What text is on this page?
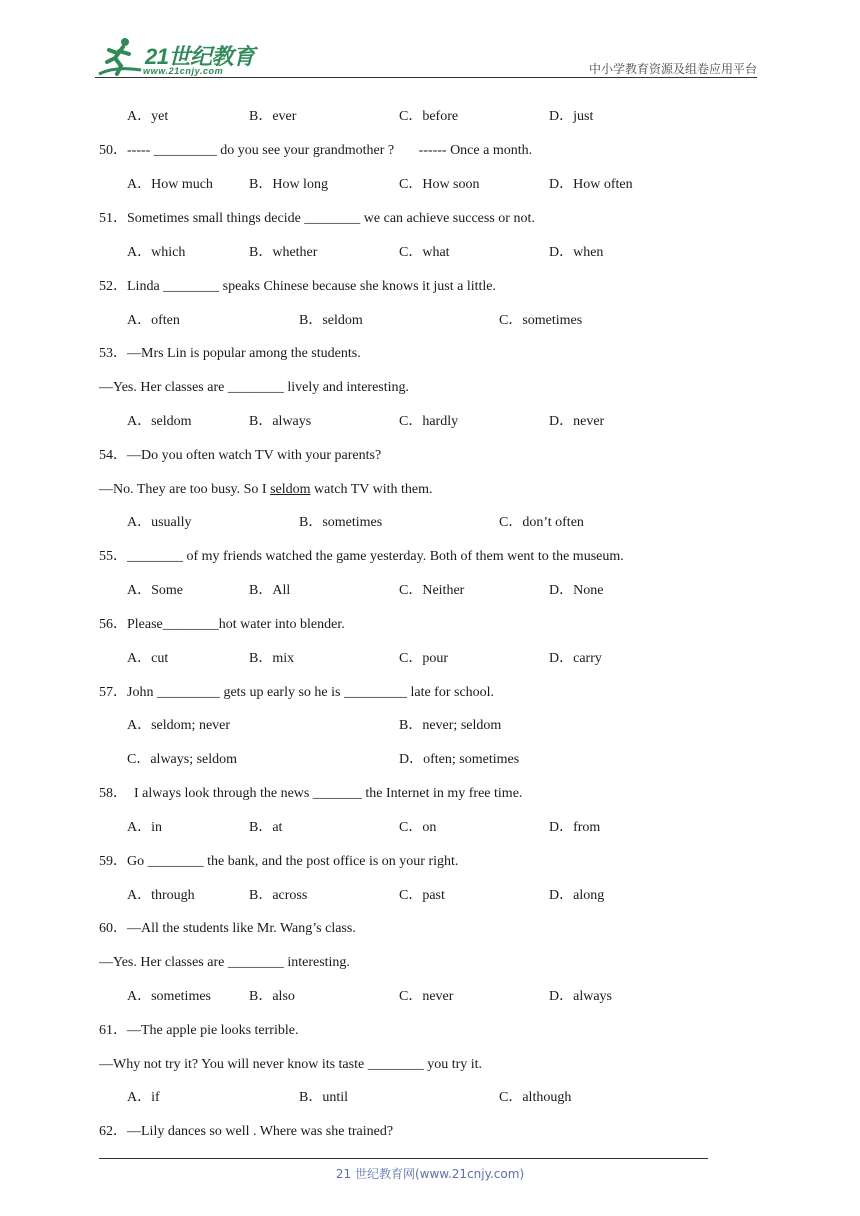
21世纪教育
www.21cnjy.com	中小学教育资源及组卷应用平台
A．yet	B．ever	C．before	D．just
50．----- _________ do you see your grandmother ?       ------ Once a month.
A．How much	B．How long	C．How soon	D．How often
51．Sometimes small things decide ________ we can achieve success or not.
A．which	B．whether	C．what	D．when
52．Linda ________ speaks Chinese because she knows it just a little.
A．often	B．seldom	C．sometimes
53．—Mrs Lin is popular among the students.
—Yes. Her classes are ________ lively and interesting.
A．seldom	B．always	C．hardly	D．never
54．—Do you often watch TV with your parents?
—No. They are too busy. So I seldom watch TV with them.
A．usually	B．sometimes	C．don’t often
55．________ of my friends watched the game yesterday. Both of them went to the museum.
A．Some	B．All	C．Neither	D．None
56．Please________hot water into blender.
A．cut	B．mix	C．pour	D．carry
57．John _________ gets up early so he is _________ late for school.
A．seldom; never	B．never; seldom
C．always; seldom	D．often; sometimes
58．  I always look through the news _______ the Internet in my free time.
A．in	B．at	C．on	D．from
59．Go ________ the bank, and the post office is on your right.
A．through	B．across	C．past	D．along
60．—All the students like Mr. Wang’s class.
—Yes. Her classes are ________ interesting.
A．sometimes	B．also	C．never	D．always
61．—The apple pie looks terrible.
—Why not try it? You will never know its taste ________ you try it.
A．if	B．until	C．although
62．—Lily dances so well . Where was she trained?
21 世纪教育网(www.21cnjy.com)
